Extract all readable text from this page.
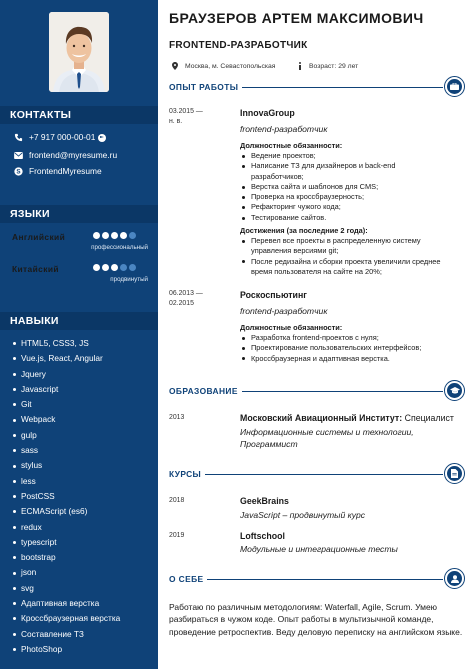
КОНТАКТЫ
+7 917 000-00-01
frontend@myresume.ru
S FrontendMyresume
ЯЗЫКИ
Английский
профессиональный
Китайский
продвинутый
НАВЫКИ
HTML5, CSS3, JS
Vue.js, React, Angular
Jquery
Javascript
Git
Webpack
gulp
sass
stylus
less
PostCSS
ECMAScript (es6)
redux
typescript
bootstrap
json
svg
Адаптивная верстка
Кроссбраузерная верстка
Составление ТЗ
PhotoShop
БРАУЗЕРОВ АРТЕМ МАКСИМОВИЧ
FRONTEND-РАЗРАБОТЧИК
Москва, м. Севастопольская	Возраст: 29 лет
ОПЫТ РАБОТЫ
03.2015 —
н. в.
InnovaGroup
frontend-разработчик
Должностные обязанности:
Ведение проектов;
Написание ТЗ для дизайнеров и back-end разработчиков;
Верстка сайта и шаблонов для CMS;
Проверка на кроссбраузерность;
Рефакторинг чужого кода;
Тестирование сайтов.
Достижения (за последние 2 года):
Перевел все проекты в распределенную систему управления версиями git;
После редизайна и сборки проекта увеличили среднее время пользователя на сайте на 20%;
06.2013 —
02.2015
Роскоспьютинг
frontend-разработчик
Должностные обязанности:
Разработка frontend-проектов с нуля;
Проектирование пользовательских интерфейсов;
Кроссбраузерная и адаптивная верстка.
ОБРАЗОВАНИЕ
2013	Московский Авиационный Институт: Специалист
Информационные системы и технологии,
Программист
КУРСЫ
2018	GeekBrains
JavaScript – продвинутый курс
2019	Loftschool
Модульные и интеграционные тесты
О СЕБЕ
Работаю по различным методологиям: Waterfall, Agile, Scrum. Умею разбираться в чужом коде. Опыт работы в мультизычной команде, проведение ретроспектив. Веду деловую переписку на английском языке.
